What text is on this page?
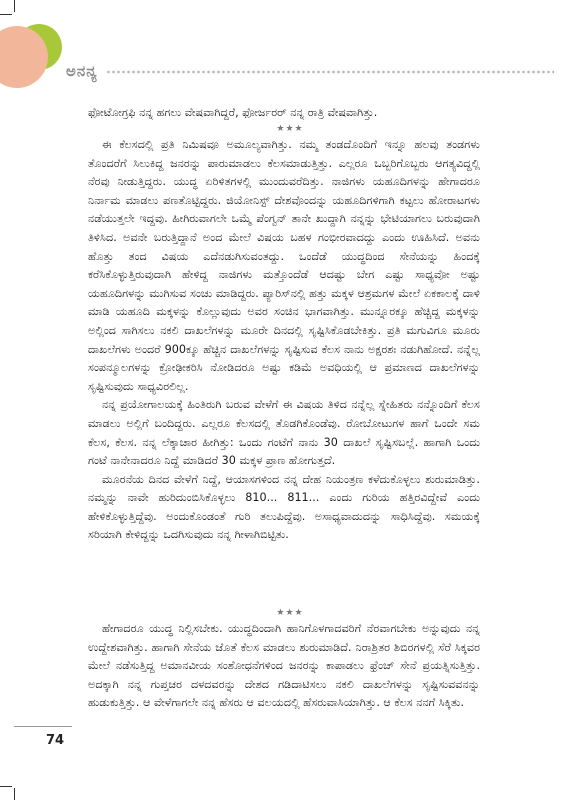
ಅನನ್ಯ

ಫೋಟೋಗ್ರಫಿ ನನ್ನ ಹಗಲು ವೇಷವಾಗಿದ್ದರೆ, ಫೋರ್ಜರರ್ ನನ್ನ ರಾತ್ರಿ ವೇಷವಾಗಿತ್ತು.

★★★

ಈ ಕೆಲಸದಲ್ಲಿ ಪ್ರತಿ ನಿಮಿಷವೂ ಅಮೂಲ್ಯವಾಗಿತ್ತು. ನಮ್ಮ ತಂಡದೊಂದಿಗೆ ಇನ್ನೂ ಹಲವು ತಂಡಗಳು ತೊಂದರೆಗೆ ಸಿಲುಕಿದ್ದ ಜನರನ್ನು ಪಾರುಮಾಡಲು ಕೆಲಸಮಾಡುತ್ತಿತ್ತು. ಎಲ್ಲರೂ ಒಬ್ಬರಿಗೊಬ್ಬರು ಆಗತ್ಯವಿದ್ದಲ್ಲಿ ನೆರವು ನೀಡುತ್ತಿದ್ದರು. ಯುದ್ಧ ಏರಿಳಿತಗಳಲ್ಲಿ ಮುಂದುವರೆದಿತ್ತು. ನಾಜಿಗಳು ಯಹೂದಿಗಳನ್ನು ಹೇಗಾದರೂ ನಿರ್ನಾಮ ಮಾಡಲು ಪಣತೊಟ್ಟಿದ್ದರು. ಜಿಯೋನಿಸ್ಟ್ ದೇಶವೊಂದನ್ನು ಯಹೂದಿಗಳಿಗಾಗಿ ಕಟ್ಟಲು ಹೋರಾಟಗಳು ನಡೆಯುತ್ತಲೇ ಇದ್ದವು. ಹೀಗಿರುವಾಗಲೇ ಒಮ್ಮೆ ಪೆಂಗ್ವನ್ ತಾನೇ ಖುದ್ದಾಗಿ ನನ್ನನ್ನು ಭೇಟಿಯಾಗಲು ಬರುವುದಾಗಿ ತಿಳಿಸಿದ. ಅವನೇ ಬರುತ್ತಿದ್ದಾನೆ ಅಂದ ಮೇಲೆ ವಿಷಯ ಬಹಳ ಗಂಭೀರವಾದದ್ದು ಎಂದು ಊಹಿಸಿದೆ. ಅವನು ಹೊತ್ತು ತಂದ ವಿಷಯ ಎದೆನಡುಗಿಸುವಂತದ್ದು. ಒಂದೆಡೆ ಯುದ್ಧದಿಂದ ಸೇನೆಯನ್ನು ಹಿಂದಕ್ಕೆ ಕರೆಸಿಕೊಳ್ಳುತ್ತಿರುವುದಾಗಿ ಹೇಳಿದ್ದ ನಾಜಿಗಳು ಮತ್ತೊಂದೆಡೆ ಆದಷ್ಟು ಬೇಗ ಎಷ್ಟು ಸಾಧ್ಯವೋ ಅಷ್ಟು ಯಹೂದಿಗಳನ್ನು ಮುಗಿಸುವ ಸಂಚು ಮಾಡಿದ್ದರು. ಪ್ಯಾರಿಸ್‌ನಲ್ಲಿ ಹತ್ತು ಮಕ್ಕಳ ಆಶ್ರಮಗಳ ಮೇಲೆ ಏಕಕಾಲಕ್ಕೆ ದಾಳಿ ಮಾಡಿ ಯಹೂದಿ ಮಕ್ಕಳನ್ನು ಕೊಲ್ಲುವುದು ಅವರ ಸಂಚಿನ ಭಾಗವಾಗಿತ್ತು. ಮುನ್ನೂರಕ್ಕೂ ಹೆಚ್ಚಿದ್ದ ಮಕ್ಕಳನ್ನು ಅಲ್ಲಿಂದ ಸಾಗಿಸಲು ನಕಲಿ ದಾಖಲೆಗಳನ್ನು ಮೂರೇ ದಿನದಲ್ಲಿ ಸೃಷ್ಟಿಸಿಕೊಡಬೇಕಿತ್ತು. ಪ್ರತಿ ಮಗುವಿಗೂ ಮೂರು ದಾಖಲೆಗಳು ಅಂದರೆ 900ಕ್ಕೂ ಹೆಚ್ಚಿನ ದಾಖಲೆಗಳನ್ನು ಸೃಷ್ಟಿಸುವ ಕೆಲಸ ನಾನು ಅಕ್ಷರಶಃ ನಡುಗಿಹೋದೆ. ನನ್ನೆಲ್ಲ ಸಂಪನ್ಮೂಲಗಳನ್ನು ಕ್ರೋಢೀಕರಿಸಿ ನೋಡಿದರೂ ಅಷ್ಟು ಕಡಿಮೆ ಅವಧಿಯಲ್ಲಿ ಆ ಪ್ರಮಾಣದ ದಾಖಲೆಗಳನ್ನು ಸೃಷ್ಟಿಸುವುದು ಸಾಧ್ಯವಿರಲಿಲ್ಲ.

ನನ್ನ ಪ್ರಯೋಗಾಲಯಕ್ಕೆ ಹಿಂತಿರುಗಿ ಬರುವ ವೇಳೆಗೆ ಈ ವಿಷಯ ತಿಳಿದ ನನ್ನೆಲ್ಲ ಸ್ನೇಹಿತರು ನನ್ನೊಂದಿಗೆ ಕೆಲಸ ಮಾಡಲು ಅಲ್ಲಿಗೆ ಬಂದಿದ್ದರು. ಎಲ್ಲರೂ ಕೆಲಸದಲ್ಲಿ ತೊಡಗಿಕೊಂಡೆವು. ರೋಬೋಟುಗಳ ಹಾಗೆ ಒಂದೇ ಸಮ ಕೆಲಸ, ಕೆಲಸ. ನನ್ನ ಲೆಕ್ಕಾಚಾರ ಹೀಗಿತ್ತು: ಒಂದು ಗಂಟೆಗೆ ನಾನು 30 ದಾಖಲೆ ಸೃಷ್ಟಿಸಬಲ್ಲೆ. ಹಾಗಾಗಿ ಒಂದು ಗಂಟೆ ನಾನೇನಾದರೂ ನಿದ್ದೆ ಮಾಡಿದರೆ 30 ಮಕ್ಕಳ ಪ್ರಾಣ ಹೋಗುತ್ತದೆ.

ಮೂರನೆಯ ದಿನದ ವೇಳೆಗೆ ನಿದ್ದೆ, ಆಯಾಸಗಳಿಂದ ನನ್ನ ದೇಹ ನಿಯಂತ್ರಣ ಕಳೆದುಕೊಳ್ಳಲು ಶುರುಮಾಡಿತ್ತು. ನಮ್ಮನ್ನು ನಾವೇ ಹುರಿದುಂಬಿಸಿಕೊಳ್ಳಲು 810... 811... ಎಂದು ಗುರಿಯ ಹತ್ತಿರವಿದ್ದೇವೆ ಎಂದು ಹೇಳಿಕೊಳ್ಳುತ್ತಿದ್ದೆವು. ಅಂದುಕೊಂಡಂತೆ ಗುರಿ ತಲುಪಿದ್ದೆವು. ಅಸಾಧ್ಯವಾದುದನ್ನು ಸಾಧಿಸಿದ್ದೆವು. ಸಮಯಕ್ಕೆ ಸರಿಯಾಗಿ ಕೇಳಿದ್ದನ್ನು ಒದಗಿಸುವುದು ನನ್ನ ಗೀಳಾಗಿಬಿಟ್ಟಿತು.

★★★

ಹೇಗಾದರೂ ಯುದ್ಧ ನಿಲ್ಲಿಸಬೇಕು. ಯುದ್ಧದಿಂದಾಗಿ ಹಾನಿಗೊಳಗಾದವರಿಗೆ ನೆರವಾಗಬೇಕು ಅನ್ನುವುದು ನನ್ನ ಉದ್ದೇಶವಾಗಿತ್ತು. ಹಾಗಾಗಿ ಸೇನೆಯ ಜೊತೆ ಕೆಲಸ ಮಾಡಲು ಶುರುಮಾಡಿದೆ. ನಿರಾಶ್ರಿತರ ಶಿಬಿರಗಳಲ್ಲಿ ಸೆರೆ ಸಿಕ್ಕವರ ಮೇಲೆ ನಡೆಸುತ್ತಿದ್ದ ಅಮಾನವೀಯ ಸಂಶೋಧನೆಗಳಿಂದ ಜನರನ್ನು ಕಾಪಾಡಲು ಫ್ರೆಂಚ್ ಸೇನೆ ಪ್ರಯತ್ನಿಸುತ್ತಿತ್ತು. ಅದಕ್ಕಾಗಿ ನನ್ನ ಗುಪ್ತಚರ ದಳದವರನ್ನು ದೇಶದ ಗಡಿದಾಟಿಸಲು ನಕಲಿ ದಾಖಲೆಗಳನ್ನು ಸೃಷ್ಟಿಸುವವನನ್ನು ಹುಡುಕುತ್ತಿತ್ತು. ಆ ವೇಳೆಗಾಗಲೇ ನನ್ನ ಹೆಸರು ಆ ವಲಯದಲ್ಲಿ ಹೆಸರುವಾಸಿಯಾಗಿತ್ತು. ಆ ಕೆಲಸ ನನಗೆ ಸಿಕ್ಕಿತು.

74
